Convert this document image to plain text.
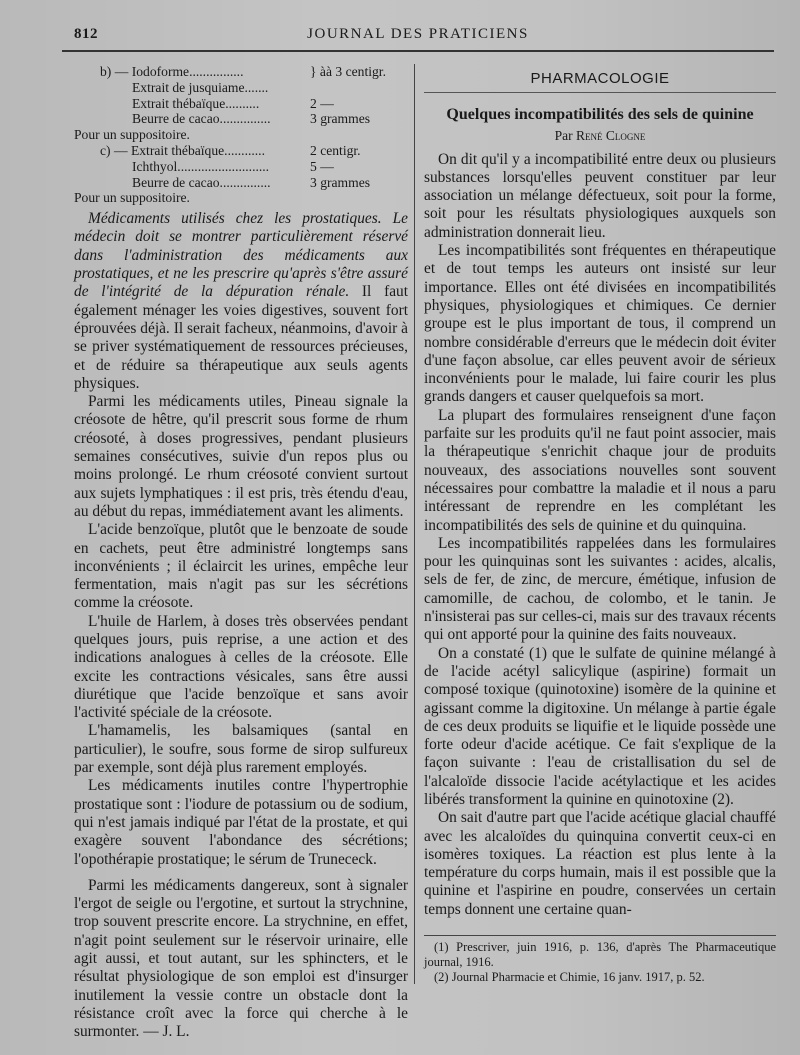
812	JOURNAL DES PRATICIENS
b) — Iodoforme................	} àà 3 centigr.
Extrait de jusquiame.......
Extrait thébaïque..........	2 —
Beurre de cacao...............	3 grammes
Pour un suppositoire.
c) — Extrait thébaïque............	2 centigr.
Ichthyol...........................	5 —
Beurre de cacao...............	3 grammes
Pour un suppositoire.

Médicaments utilisés chez les prostatiques. Le médecin doit se montrer particulièrement réservé dans l'administration des médicaments aux prostatiques, et ne les prescrire qu'après s'être assuré de l'intégrité de la dépuration rénale. Il faut également ménager les voies digestives, souvent fort éprouvées déjà. Il serait facheux, néanmoins, d'avoir à se priver systématiquement de ressources précieuses, et de réduire sa thérapeutique aux seuls agents physiques.

Parmi les médicaments utiles, Pineau signale la créosote de hêtre, qu'il prescrit sous forme de rhum créosoté, à doses progressives, pendant plusieurs semaines consécutives, suivie d'un repos plus ou moins prolongé. Le rhum créosoté convient surtout aux sujets lymphatiques : il est pris, très étendu d'eau, au début du repas, immédiatement avant les aliments.

L'acide benzoïque, plutôt que le benzoate de soude en cachets, peut être administré longtemps sans inconvénients ; il éclaircit les urines, empêche leur fermentation, mais n'agit pas sur les sécrétions comme la créosote.

L'huile de Harlem, à doses très observées pendant quelques jours, puis reprise, a une action et des indications analogues à celles de la créosote. Elle excite les contractions vésicales, sans être aussi diurétique que l'acide benzoïque et sans avoir l'activité spéciale de la créosote.

L'hamamelis, les balsamiques (santal en particulier), le soufre, sous forme de sirop sulfureux par exemple, sont déjà plus rarement employés.

Les médicaments inutiles contre l'hypertrophie prostatique sont : l'iodure de potassium ou de sodium, qui n'est jamais indiqué par l'état de la prostate, et qui exagère souvent l'abondance des sécrétions; l'opothérapie prostatique; le sérum de Trunececk.

Parmi les médicaments dangereux, sont à signaler l'ergot de seigle ou l'ergotine, et surtout la strychnine, trop souvent prescrite encore. La strychnine, en effet, n'agit point seulement sur le réservoir urinaire, elle agit aussi, et tout autant, sur les sphincters, et le résultat physiologique de son emploi est d'insurger inutilement la vessie contre un obstacle dont la résistance croît avec la force qui cherche à le surmonter. — J. L.

PHARMACOLOGIE
Quelques incompatibilités des sels de quinine
Par René Clogne

On dit qu'il y a incompatibilité entre deux ou plusieurs substances lorsqu'elles peuvent constituer par leur association un mélange défectueux, soit pour la forme, soit pour les résultats physiologiques auxquels son administration donnerait lieu.

Les incompatibilités sont fréquentes en thérapeutique et de tout temps les auteurs ont insisté sur leur importance. Elles ont été divisées en incompatibilités physiques, physiologiques et chimiques. Ce dernier groupe est le plus important de tous, il comprend un nombre considérable d'erreurs que le médecin doit éviter d'une façon absolue, car elles peuvent avoir de sérieux inconvénients pour le malade, lui faire courir les plus grands dangers et causer quelquefois sa mort.

La plupart des formulaires renseignent d'une façon parfaite sur les produits qu'il ne faut point associer, mais la thérapeutique s'enrichit chaque jour de produits nouveaux, des associations nouvelles sont souvent nécessaires pour combattre la maladie et il nous a paru intéressant de reprendre en les complétant les incompatibilités des sels de quinine et du quinquina.

Les incompatibilités rappelées dans les formulaires pour les quinquinas sont les suivantes : acides, alcalis, sels de fer, de zinc, de mercure, émétique, infusion de camomille, de cachou, de colombo, et le tanin. Je n'insisterai pas sur celles-ci, mais sur des travaux récents qui ont apporté pour la quinine des faits nouveaux.

On a constaté (1) que le sulfate de quinine mélangé à de l'acide acétyl salicylique (aspirine) formait un composé toxique (quinotoxine) isomère de la quinine et agissant comme la digitoxine. Un mélange à partie égale de ces deux produits se liquifie et le liquide possède une forte odeur d'acide acétique. Ce fait s'explique de la façon suivante : l'eau de cristallisation du sel de l'alcaloïde dissocie l'acide acétylactique et les acides libérés transforment la quinine en quinotoxine (2).

On sait d'autre part que l'acide acétique glacial chauffé avec les alcaloïdes du quinquina convertit ceux-ci en isomères toxiques. La réaction est plus lente à la température du corps humain, mais il est possible que la quinine et l'aspirine en poudre, conservées un certain temps donnent une certaine quan-

(1) Prescriver, juin 1916, p. 136, d'après The Pharmaceutique journal, 1916.

(2) Journal Pharmacie et Chimie, 16 janv. 1917, p. 52.
